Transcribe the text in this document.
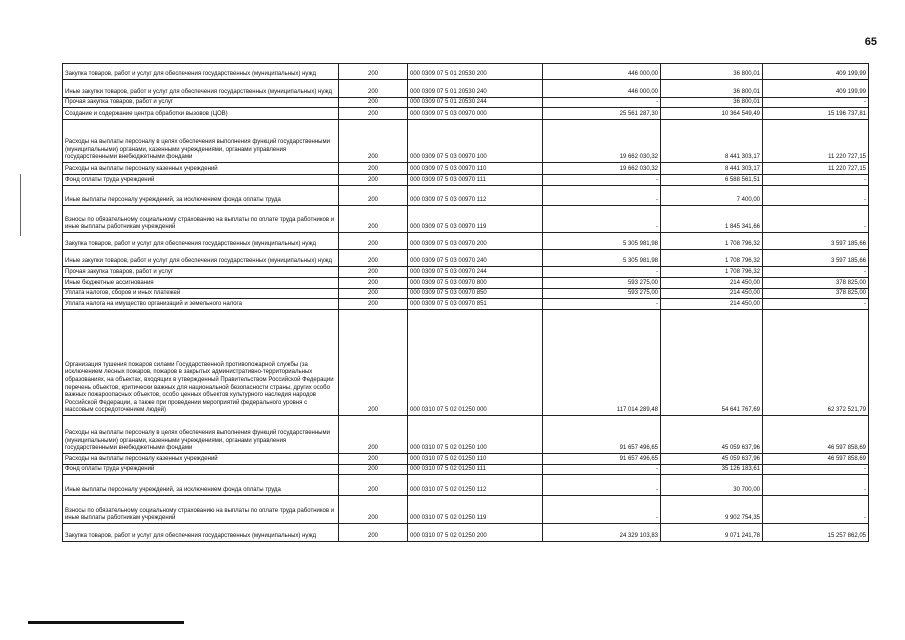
65
Закупка товаров, работ и услуг для обеспечения государственных (муниципальных) нужд	200	000 0309 07 5 01 20530 200	446 000,00	36 800,01	409 199,99
Иные закупки товаров, работ и услуг для обеспечения государственных (муниципальных) нужд	200	000 0309 07 5 01 20530 240	446 000,00	36 800,01	409 199,99
Прочая закупка товаров, работ и услуг	200	000 0309 07 5 01 20530 244	-	36 800,01	-
Создание и содержание центра обработки вызовов (ЦОВ)	200	000 0309 07 5 03 00970 000	25 561 287,30	10 364 549,49	15 196 737,81
Расходы на выплаты персоналу в целях обеспечения выполнения функций государственными (муниципальными) органами, казенными учреждениями, органами управления государственными внебюджетными фондами	200	000 0309 07 5 03 00970 100	19 662 030,32	8 441 303,17	11 220 727,15
Расходы на выплаты персоналу казенных учреждений	200	000 0309 07 5 03 00970 110	19 662 030,32	8 441 303,17	11 220 727,15
Фонд оплаты труда учреждений	200	000 0309 07 5 03 00970 111	-	6 588 561,51	-
Иные выплаты персоналу учреждений, за исключением фонда оплаты труда	200	000 0309 07 5 03 00970 112	-	7 400,00	-
Взносы по обязательному социальному страхованию на выплаты по оплате труда работников и иные выплаты работникам учреждений	200	000 0309 07 5 03 00970 119	-	1 845 341,66	-
Закупка товаров, работ и услуг для обеспечения государственных (муниципальных) нужд	200	000 0309 07 5 03 00970 200	5 305 981,98	1 708 796,32	3 597 185,66
Иные закупки товаров, работ и услуг для обеспечения государственных (муниципальных) нужд	200	000 0309 07 5 03 00970 240	5 305 981,98	1 708 796,32	3 597 185,66
Прочая закупка товаров, работ и услуг	200	000 0309 07 5 03 00970 244	-	1 708 796,32	-
Иные бюджетные ассигнования	200	000 0309 07 5 03 00970 800	593 275,00	214 450,00	378 825,00
Уплата налогов, сборов и иных платежей	200	000 0309 07 5 03 00970 850	593 275,00	214 450,00	378 825,00
Уплата налога на имущество организаций и земельного налога	200	000 0309 07 5 03 00970 851	-	214 450,00	-
Организация тушения пожаров силами Государственной противопожарной службы (за исключением лесных пожаров, пожаров в закрытых административно-территориальных образованиях, на объектах, входящих в утвержденный Правительством Российской Федерации перечень объектов, критически важных для национальной безопасности страны, других особо важных пожароопасных объектов, особо ценных объектов культурного наследия народов Российской Федерации, а также при проведении мероприятий федерального уровня с массовым сосредоточением людей)	200	000 0310 07 5 02 01250 000	117 014 289,48	54 641 767,69	62 372 521,79
Расходы на выплаты персоналу в целях обеспечения выполнения функций государственными (муниципальными) органами, казенными учреждениями, органами управления государственными внебюджетными фондами	200	000 0310 07 5 02 01250 100	91 657 496,65	45 059 637,96	46 597 858,69
Расходы на выплаты персоналу казенных учреждений	200	000 0310 07 5 02 01250 110	91 657 496,65	45 059 637,96	46 597 858,69
Фонд оплаты труда учреждений	200	000 0310 07 5 02 01250 111	-	35 126 183,61	-
Иные выплаты персоналу учреждений, за исключением фонда оплаты труда	200	000 0310 07 5 02 01250 112	-	30 700,00	-
Взносы по обязательному социальному страхованию на выплаты по оплате труда работников и иные выплаты работникам учреждений	200	000 0310 07 5 02 01250 119	-	9 902 754,35	-
Закупка товаров, работ и услуг для обеспечения государственных (муниципальных) нужд	200	000 0310 07 5 02 01250 200	24 329 103,83	9 071 241,78	15 257 862,05
